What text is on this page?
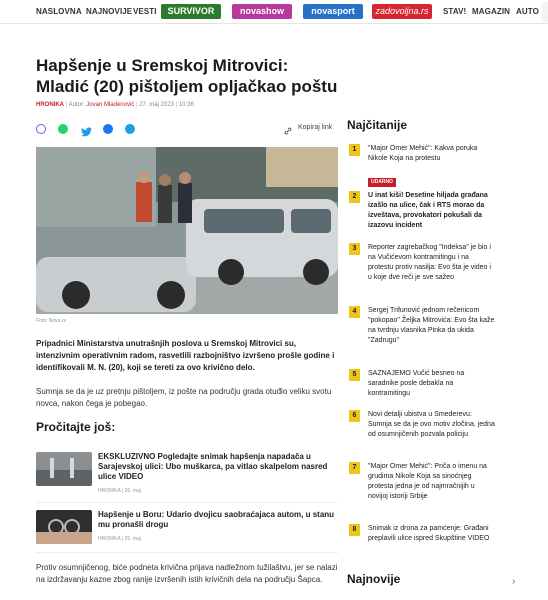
NASLOVNA NAJNOVIJE VESTI	SURVIVOR	novashow	novasport	zadovoljna.rs	STAV! MAGAZIN AUTO
Hapšenje u Sremskoj Mitrovici: Mladić (20) pištoljem opljačkao poštu
HRONIKA | Autor: Jovan Mladenović | 27. maj 2023 | 10:36
Kopiraj link
Foto: Nova.rs

Pripadnici Ministarstva unutrašnjih poslova u Sremskoj Mitrovici su, intenzivnim operativnim radom, rasvetlili razbojništvo izvršeno prošle godine i identifikovali M. N. (20), koji se tereti za ovo krivično delo.

Sumnja se da je uz pretnju pištoljem, iz pošte na području grada otuđio veliku svotu novca, nakon čega je pobegao.

Pročitajte još:
EKSKLUZIVNO Pogledajte snimak hapšenja napadača u Sarajevskoj ulici: Ubo muškarca, pa vitlao skalpelom nasred ulice VIDEO
HRONIKA | 26. maj
Hapšenje u Boru: Udario dvojicu saobraćajaca autom, u stanu mu pronašli drogu
HRONIKA | 25. maj

Protiv osumnjičenog, biće podneta krivična prijava nadležnom tužilaštvu, jer se nalazi na izdržavanju kazne zbog ranije izvršenih istih krivičnih dela na području Šapca.

Najčitanije
1	"Major Omer Mehić": Kakva poruka Nikole Koja na protestu
UDARNO
2	U inat kiši! Desetine hiljada građana izašlo na ulice, čak i RTS morao da izveštava, provokatori pokušali da izazovu incident
3	Reporter zagrebačkog "Indeksa" je bio i na Vučićevom kontramitingu i na protestu protiv nasilja: Evo šta je video i u koje dve reči je sve sažeo
4	Sergej Trifunović jednom rečenicom "pokopao" Željka Mitrovića: Evo šta kaže na tvrdnju vlasnika Pinka da ukida "Zadrugu"
5	SAZNAJEMO Vučić besneo na saradnike posle debakla na kontramitingu
6	Novi detalji ubistva u Smederevu: Sumnja se da je ovo motiv zločina, jedna od osumnjičenih pozvala policiju
7	"Major Omer Mehić": Priča o imenu na grudima Nikole Koja sa sinoćnjeg protesta jedna je od najmračnijih u novijoj istoriji Srbije
8	Snimak iz drona za pamćenje: Građani preplavili ulice ispred Skupštine VIDEO
Najnovije	›
